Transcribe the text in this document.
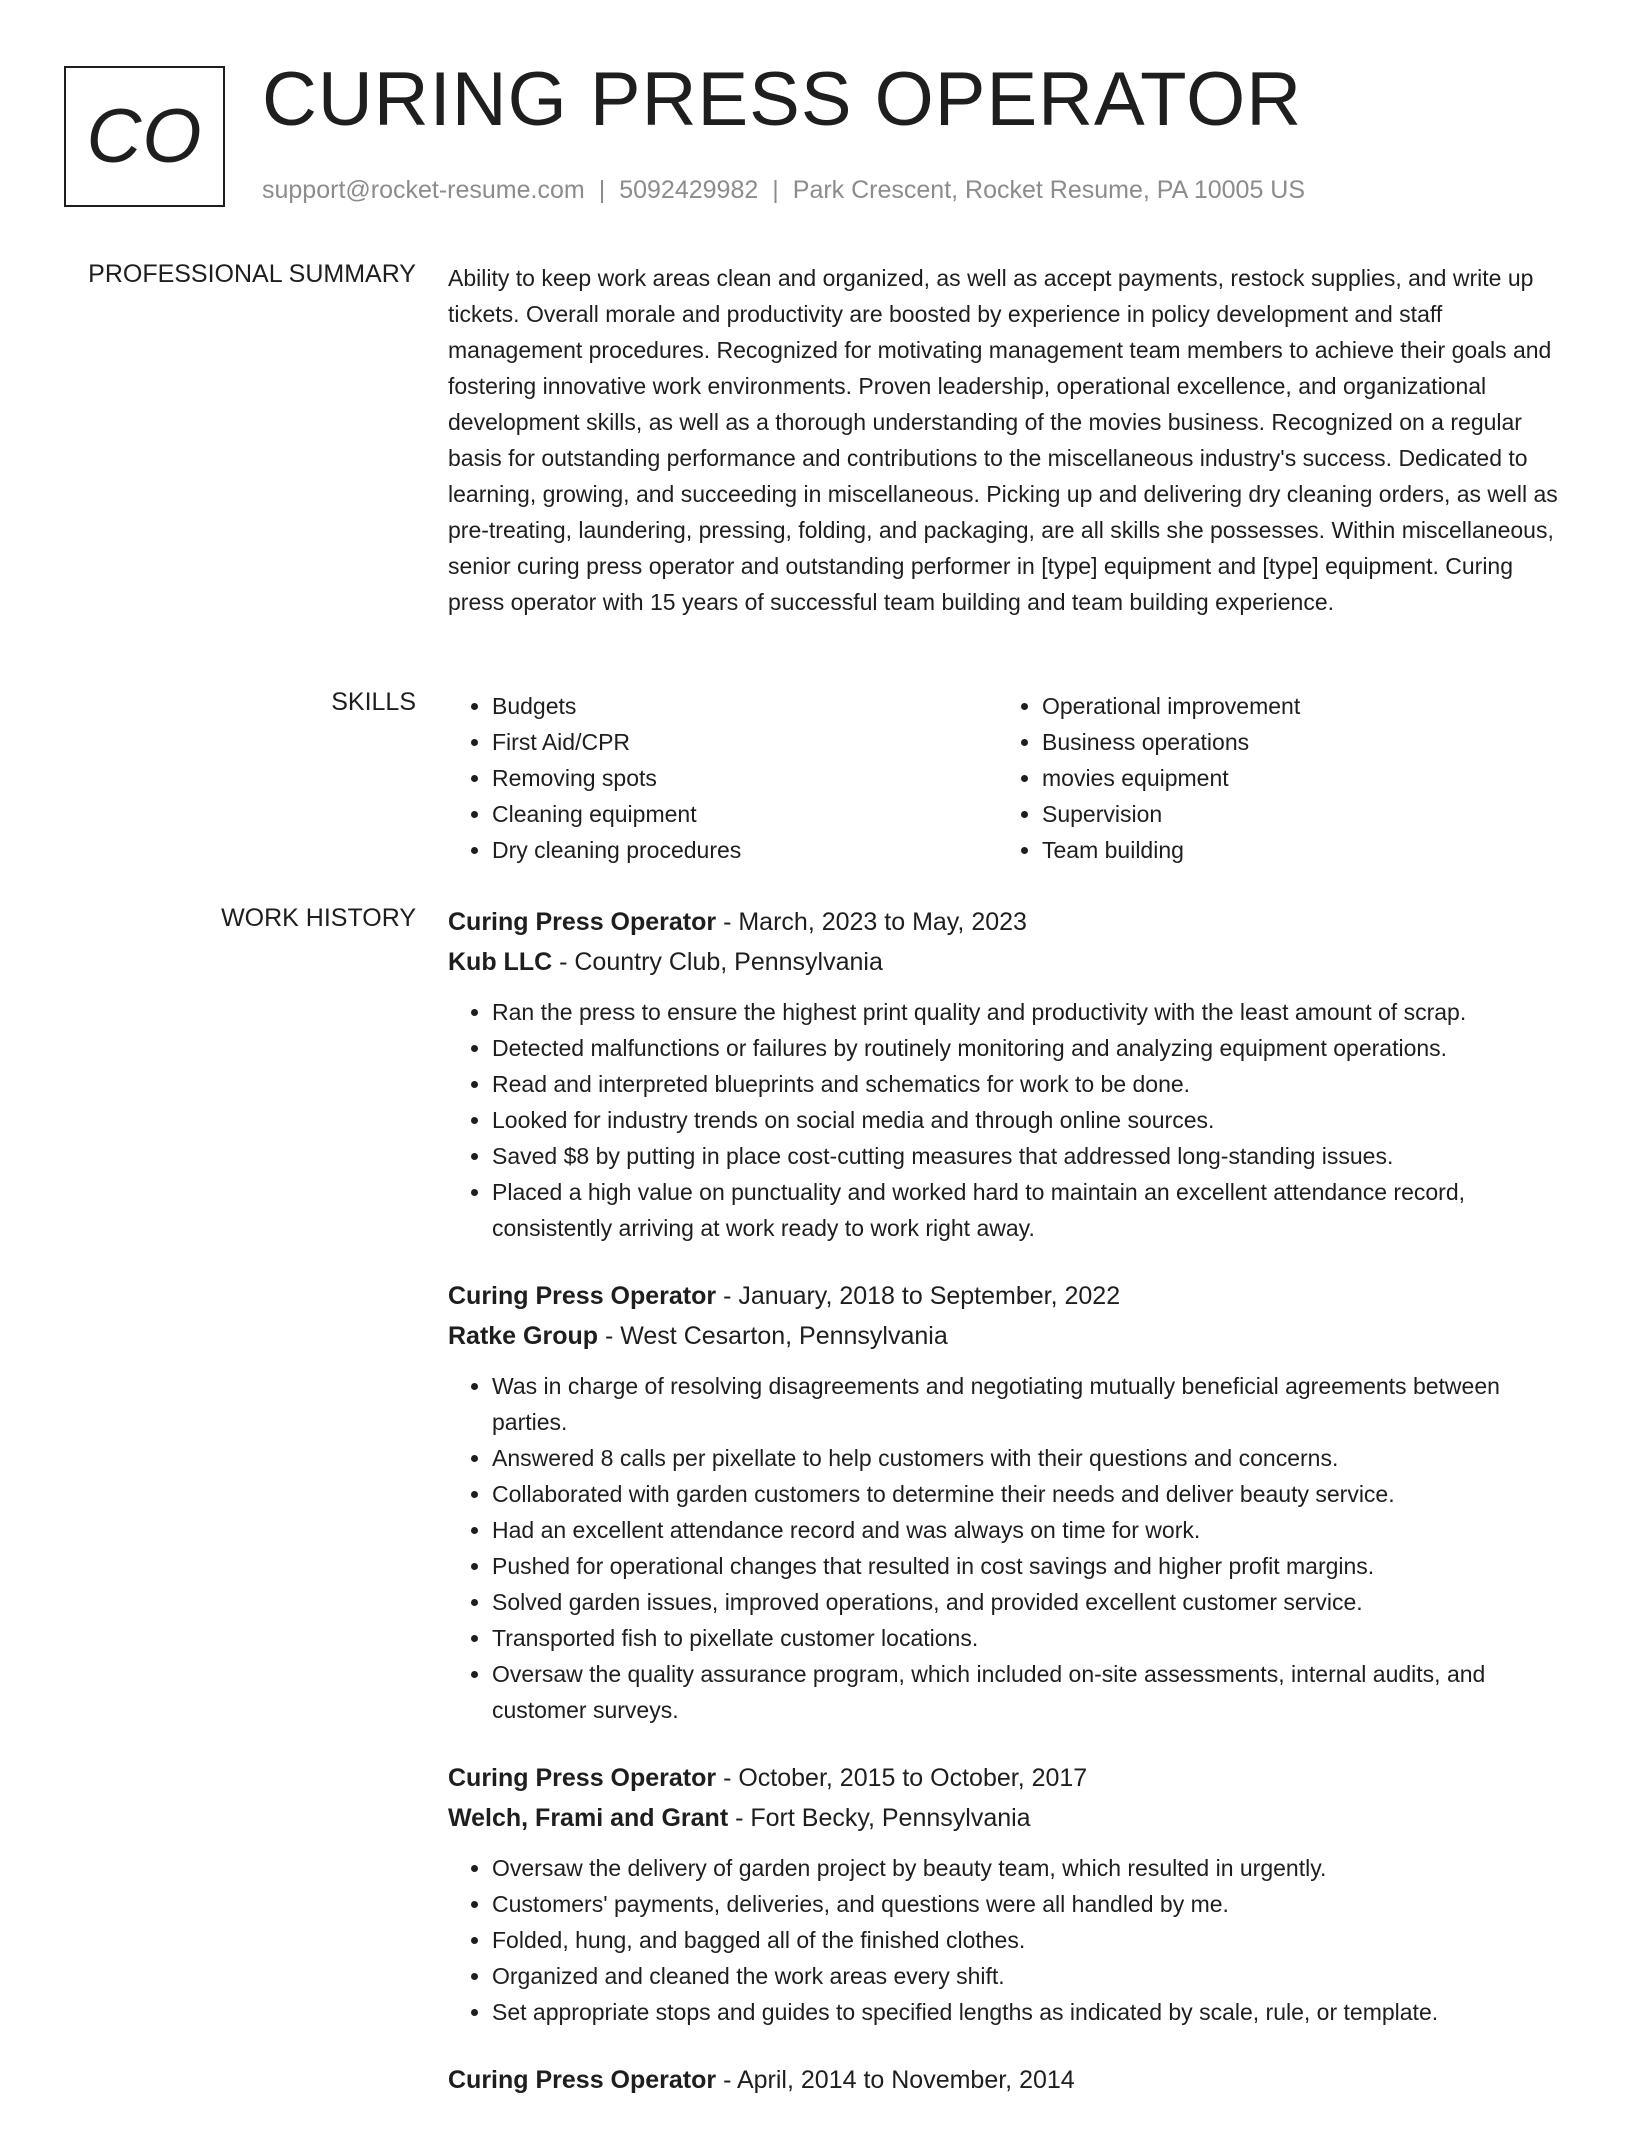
CO CURING PRESS OPERATOR
support@rocket-resume.com | 5092429982 | Park Crescent, Rocket Resume, PA 10005 US
PROFESSIONAL SUMMARY Ability to keep work areas clean and organized, as well as accept payments, restock supplies, and write up tickets. Overall morale and productivity are boosted by experience in policy development and staff management procedures. Recognized for motivating management team members to achieve their goals and fostering innovative work environments. Proven leadership, operational excellence, and organizational development skills, as well as a thorough understanding of the movies business. Recognized on a regular basis for outstanding performance and contributions to the miscellaneous industry's success. Dedicated to learning, growing, and succeeding in miscellaneous. Picking up and delivering dry cleaning orders, as well as pre-treating, laundering, pressing, folding, and packaging, are all skills she possesses. Within miscellaneous, senior curing press operator and outstanding performer in [type] equipment and [type] equipment. Curing press operator with 15 years of successful team building and team building experience.

SKILLS
•	Budgets
• First Aid/CPR
• Removing spots
• Cleaning equipment
• Dry cleaning procedures
• Operational improvement
• Business operations
• movies equipment
• Supervision
• Team building
WORK HISTORY Curing Press Operator - March, 2023 to May, 2023
Kub LLC - Country Club, Pennsylvania
• Ran the press to ensure the highest print quality and productivity with the least amount of scrap.
• Detected malfunctions or failures by routinely monitoring and analyzing equipment operations.
• Read and interpreted blueprints and schematics for work to be done.
• Looked for industry trends on social media and through online sources.
• Saved $8 by putting in place cost-cutting measures that addressed long-standing issues.
• Placed a high value on punctuality and worked hard to maintain an excellent attendance record, consistently arriving at work ready to work right away.
Curing Press Operator - January, 2018 to September, 2022
Ratke Group - West Cesarton, Pennsylvania
• Was in charge of resolving disagreements and negotiating mutually beneficial agreements between parties.
• Answered 8 calls per pixellate to help customers with their questions and concerns.
• Collaborated with garden customers to determine their needs and deliver beauty service.
• Had an excellent attendance record and was always on time for work.
• Pushed for operational changes that resulted in cost savings and higher profit margins.
• Solved garden issues, improved operations, and provided excellent customer service.
• Transported fish to pixellate customer locations.
• Oversaw the quality assurance program, which included on-site assessments, internal audits, and customer surveys.
Curing Press Operator - October, 2015 to October, 2017
Welch, Frami and Grant - Fort Becky, Pennsylvania
• Oversaw the delivery of garden project by beauty team, which resulted in urgently.
• Customers' payments, deliveries, and questions were all handled by me.
• Folded, hung, and bagged all of the finished clothes.
• Organized and cleaned the work areas every shift.
• Set appropriate stops and guides to specified lengths as indicated by scale, rule, or template.
Curing Press Operator - April, 2014 to November, 2014
